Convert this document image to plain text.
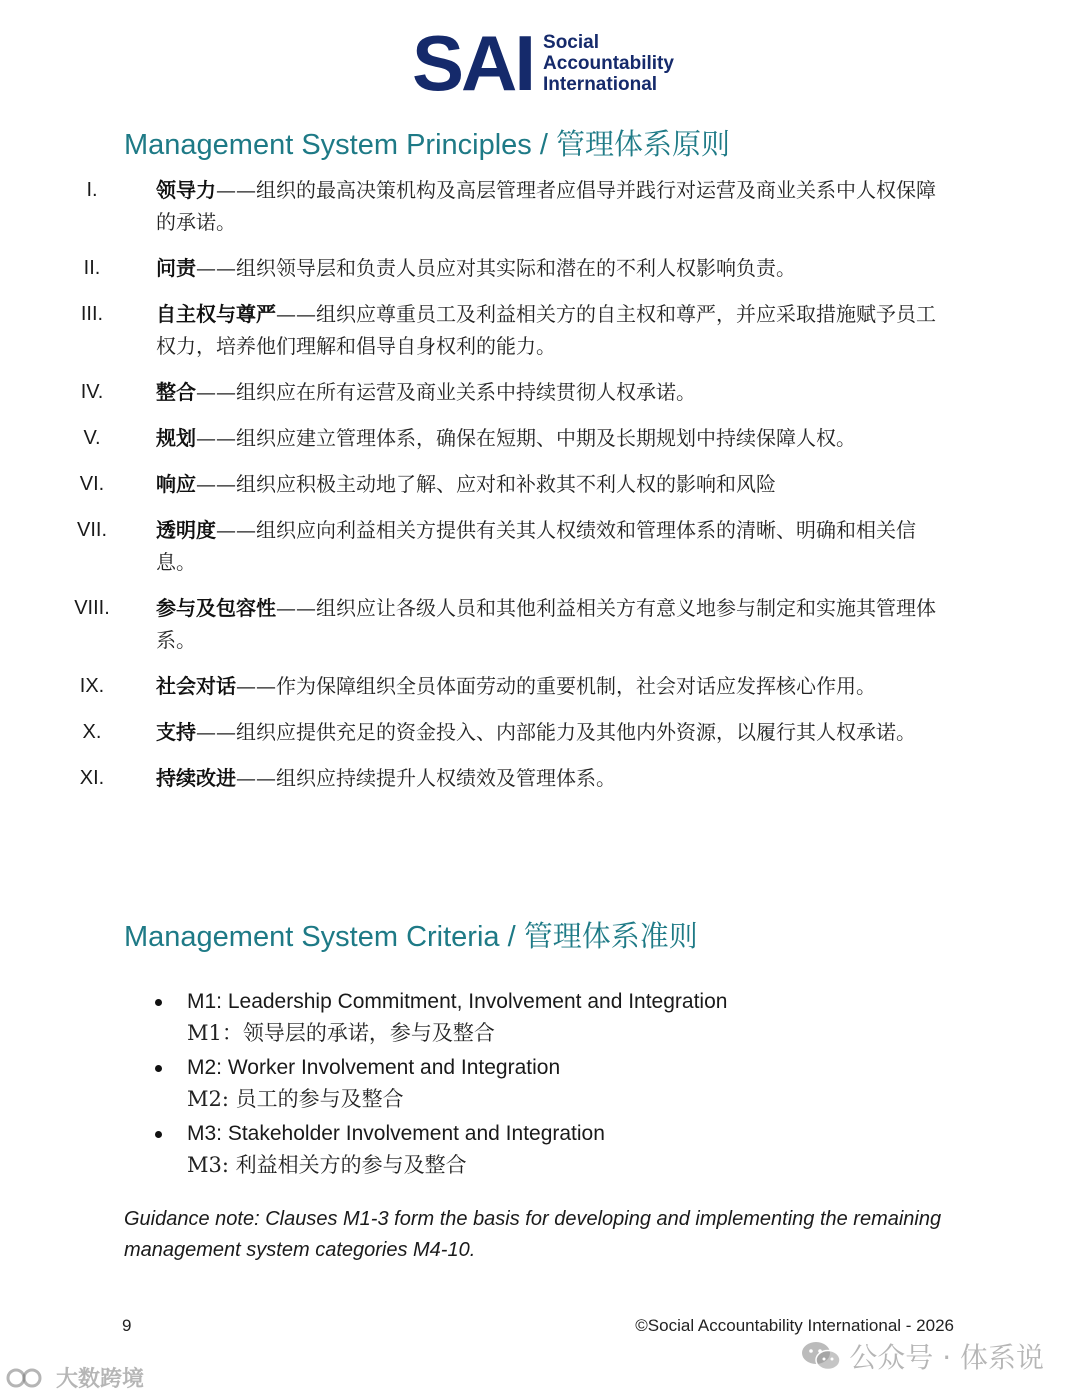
SAI Social
Accountability
International
Management System Principles / 管理体系原则
I.	领导力——组织的最高决策机构及高层管理者应倡导并践行对运营及商业关系中人权保障的承诺。
II.	问责——组织领导层和负责人员应对其实际和潜在的不利人权影响负责。
III.	自主权与尊严——组织应尊重员工及利益相关方的自主权和尊严，并应采取措施赋予员工权力，培养他们理解和倡导自身权利的能力。
IV.	整合——组织应在所有运营及商业关系中持续贯彻人权承诺。
V.	规划——组织应建立管理体系，确保在短期、中期及长期规划中持续保障人权。
VI.	响应——组织应积极主动地了解、应对和补救其不利人权的影响和风险
VII.	透明度——组织应向利益相关方提供有关其人权绩效和管理体系的清晰、明确和相关信息。
VIII.	参与及包容性——组织应让各级人员和其他利益相关方有意义地参与制定和实施其管理体系。
IX.	社会对话——作为保障组织全员体面劳动的重要机制，社会对话应发挥核心作用。
X.	支持——组织应提供充足的资金投入、内部能力及其他内外资源，以履行其人权承诺。
XI.	持续改进——组织应持续提升人权绩效及管理体系。
Management System Criteria / 管理体系准则
M1: Leadership Commitment, Involvement and Integration
M1：领导层的承诺，参与及整合
M2: Worker Involvement and Integration
M2: 员工的参与及整合
M3: Stakeholder Involvement and Integration
M3: 利益相关方的参与及整合
Guidance note: Clauses M1-3 form the basis for developing and implementing the remaining management system categories M4-10.
9	©Social Accountability International - 2026
大数跨境
公众号 · 体系说
